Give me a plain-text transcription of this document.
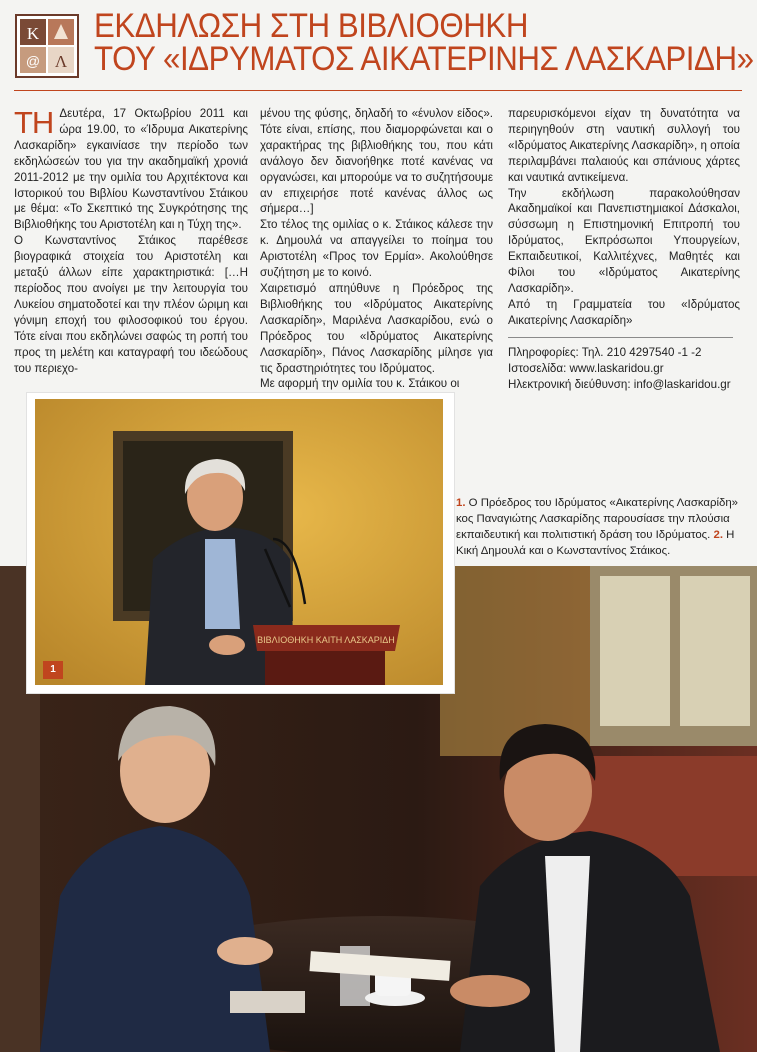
Κ
Λ
@
ΕΚΔΗΛΩΣΗ ΣΤΗ ΒΙΒΛΙΟΘΗΚΗ
ΤΟΥ «ΙΔΡΥΜΑΤΟΣ ΑΙΚΑΤΕΡΙΝΗΣ ΛΑΣΚΑΡΙΔΗ»

ΤΗ Δευτέρα, 17 Οκτωβρίου 2011 και ώρα 19.00, το «Ίδρυμα Αικατερίνης Λασκαρίδη» εγκαινίασε την περίοδο των εκδηλώσεών του για την ακαδημαϊκή χρονιά 2011-2012 με την ομιλία του Αρχιτέκτονα και Ιστορικού του Βιβλίου Κωνσταντίνου Στάικου με θέμα: «Το Σκεπτικό της Συγκρότησης της Βιβλιοθήκης του Αριστοτέλη και η Τύχη της».

Ο Κωνσταντίνος Στάικος παρέθεσε βιογραφικά στοιχεία του Αριστοτέλη και μεταξύ άλλων είπε χαρακτηριστικά: […Η περίοδος που ανοίγει με την λειτουργία του Λυκείου σηματοδοτεί και την πλέον ώριμη και γόνιμη εποχή του φιλοσοφικού του έργου. Τότε είναι που εκδηλώνει σαφώς τη ροπή του προς τη μελέτη και καταγραφή του ιδεώδους του περιεχο-

μένου της φύσης, δηλαδή το «ένυλον είδος». Τότε είναι, επίσης, που διαμορφώνεται και ο χαρακτήρας της βιβλιοθήκης του, που κάτι ανάλογο δεν διανοήθηκε ποτέ κανένας να οργανώσει, και μπορούμε να το συζητήσουμε αν επιχειρήσε ποτέ κανένας άλλος ως σήμερα…]

Στο τέλος της ομιλίας ο κ. Στάικος κάλεσε την κ. Δημουλά να απαγγείλει το ποίημα του Αριστοτέλη «Προς τον Ερμία». Ακολούθησε συζήτηση με το κοινό.

Χαιρετισμό απηύθυνε η Πρόεδρος της Βιβλιοθήκης του «Ιδρύματος Αικατερίνης Λασκαρίδη», Μαριλένα Λασκαρίδου, ενώ ο Πρόεδρος του «Ιδρύματος Αικατερίνης Λασκαρίδη», Πάνος Λασκαρίδης μίλησε για τις δραστηριότητες του Ιδρύματος.

Με αφορμή την ομιλία του κ. Στάικου οι

παρευρισκόμενοι είχαν τη δυνατότητα να περιηγηθούν στη ναυτική συλλογή του «Ιδρύματος Αικατερίνης Λασκαρίδη», η οποία περιλαμβάνει παλαιούς και σπάνιους χάρτες και ναυτικά αντικείμενα.

Την εκδήλωση παρακολούθησαν Ακαδημαϊκοί και Πανεπιστημιακοί Δάσκαλοι, σύσσωμη η Επιστημονική Επιτροπή του Ιδρύματος, Εκπρόσωποι Υπουργείων, Εκπαιδευτικοί, Καλλιτέχνες, Μαθητές και Φίλοι του «Ιδρύματος Αικατερίνης Λασκαρίδη».

Από τη Γραμματεία του «Ιδρύματος Αικατερίνης Λασκαρίδη»

Πληροφορίες: Τηλ. 210 4297540 -1 -2

Ιστοσελίδα: www.laskaridou.gr

Ηλεκτρονική διεύθυνση: info@laskaridou.gr

1. Ο Πρόεδρος του Ιδρύματος «Αικατερίνης Λασκαρίδη» κος Παναγιώτης Λασκαρίδης παρουσίασε την πλούσια εκπαιδευτική και πολιτιστική δράση του Ιδρύματος. 2. Η Κική Δημουλά και ο Κωνσταντίνος Στάικος.
ΒΙΒΛΙΟΘΗΚΗ ΚΑΙΤΗ ΛΑΣΚΑΡΙΔΗ
1
